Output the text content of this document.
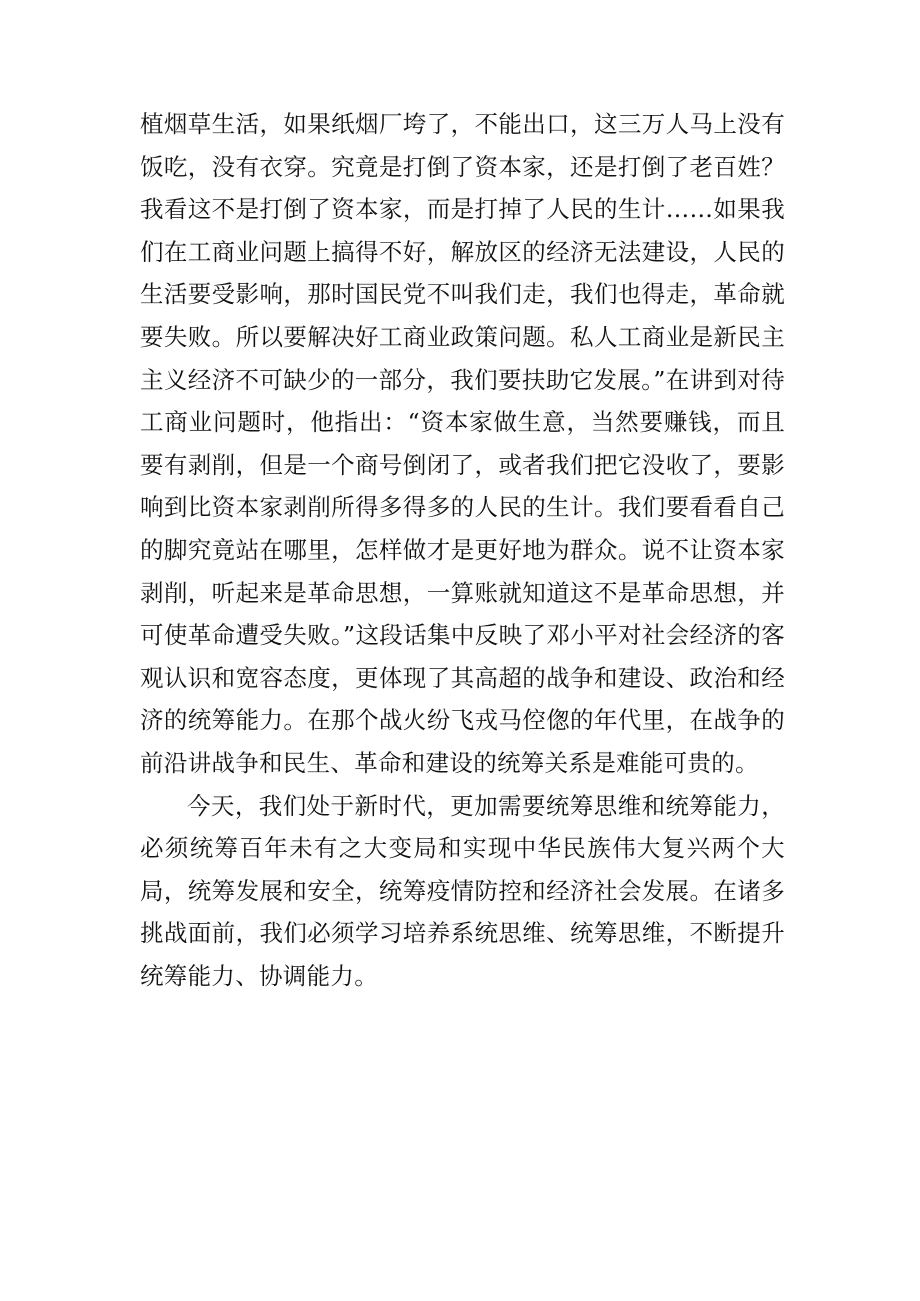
植烟草生活，如果纸烟厂垮了，不能出口，这三万人马上没有饭吃，没有衣穿。究竟是打倒了资本家，还是打倒了老百姓？我看这不是打倒了资本家，而是打掉了人民的生计……如果我们在工商业问题上搞得不好，解放区的经济无法建设，人民的生活要受影响，那时国民党不叫我们走，我们也得走，革命就要失败。所以要解决好工商业政策问题。私人工商业是新民主主义经济不可缺少的一部分，我们要扶助它发展。”在讲到对待工商业问题时，他指出：“资本家做生意，当然要赚钱，而且要有剥削，但是一个商号倒闭了，或者我们把它没收了，要影响到比资本家剥削所得多得多的人民的生计。我们要看看自己的脚究竟站在哪里，怎样做才是更好地为群众。说不让资本家剥削，听起来是革命思想，一算账就知道这不是革命思想，并可使革命遭受失败。”这段话集中反映了邓小平对社会经济的客观认识和宽容态度，更体现了其高超的战争和建设、政治和经济的统筹能力。在那个战火纷飞戎马倥偬的年代里，在战争的前沿讲战争和民生、革命和建设的统筹关系是难能可贵的。

今天，我们处于新时代，更加需要统筹思维和统筹能力，必须统筹百年未有之大变局和实现中华民族伟大复兴两个大局，统筹发展和安全，统筹疫情防控和经济社会发展。在诸多挑战面前，我们必须学习培养系统思维、统筹思维，不断提升统筹能力、协调能力。
